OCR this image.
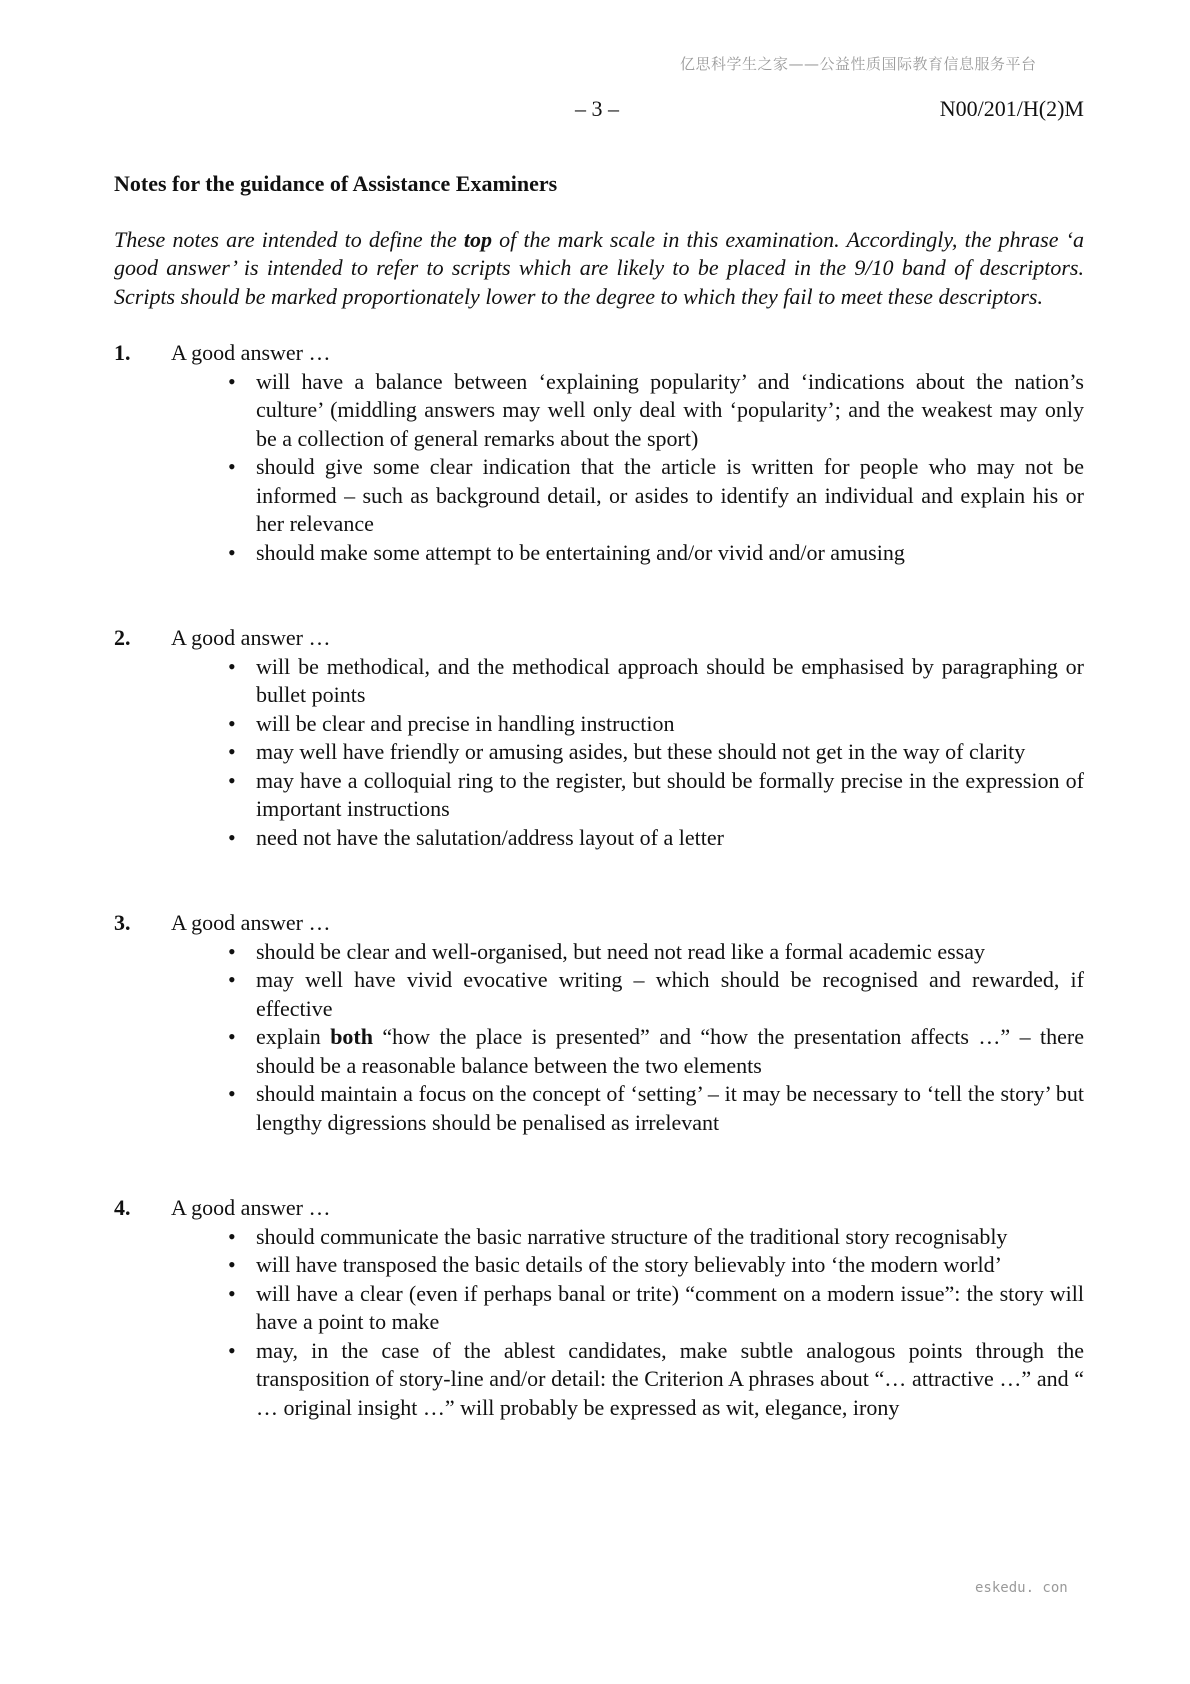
亿思科学生之家——公益性质国际教育信息服务平台
– 3 –	N00/201/H(2)M
Notes for the guidance of Assistance Examiners
These notes are intended to define the top of the mark scale in this examination. Accordingly, the phrase ‘a good answer’ is intended to refer to scripts which are likely to be placed in the 9/10 band of descriptors. Scripts should be marked proportionately lower to the degree to which they fail to meet these descriptors.
1.	A good answer …
• will have a balance between ‘explaining popularity’ and ‘indications about the nation’s culture’ (middling answers may well only deal with ‘popularity’; and the weakest may only be a collection of general remarks about the sport)
• should give some clear indication that the article is written for people who may not be informed – such as background detail, or asides to identify an individual and explain his or her relevance
• should make some attempt to be entertaining and/or vivid and/or amusing
2.	A good answer …
• will be methodical, and the methodical approach should be emphasised by paragraphing or bullet points
• will be clear and precise in handling instruction
• may well have friendly or amusing asides, but these should not get in the way of clarity
• may have a colloquial ring to the register, but should be formally precise in the expression of important instructions
• need not have the salutation/address layout of a letter
3.	A good answer …
• should be clear and well-organised, but need not read like a formal academic essay
• may well have vivid evocative writing – which should be recognised and rewarded, if effective
• explain both “how the place is presented” and “how the presentation affects …” – there should be a reasonable balance between the two elements
• should maintain a focus on the concept of ‘setting’ – it may be necessary to ‘tell the story’ but lengthy digressions should be penalised as irrelevant
4.	A good answer …
• should communicate the basic narrative structure of the traditional story recognisably
• will have transposed the basic details of the story believably into ‘the modern world’
• will have a clear (even if perhaps banal or trite) “comment on a modern issue”: the story will have a point to make
• may, in the case of the ablest candidates, make subtle analogous points through the transposition of story-line and/or detail: the Criterion A phrases about “… attractive …” and “ … original insight …” will probably be expressed as wit, elegance, irony
eskedu. con
